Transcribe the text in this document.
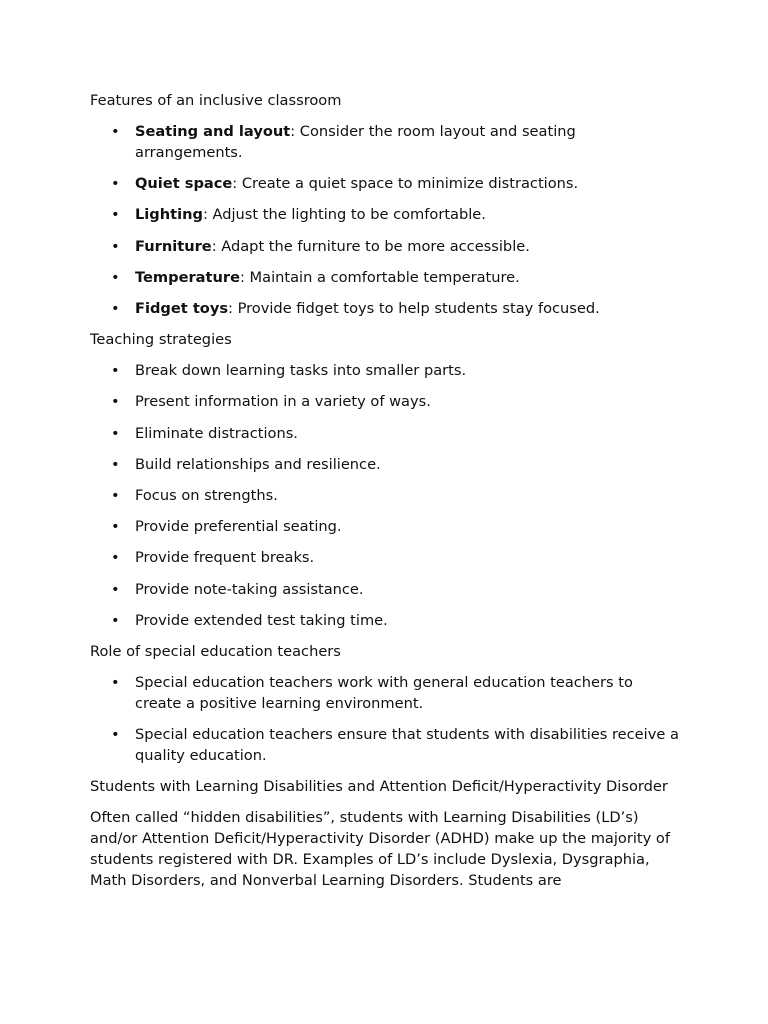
Features of an inclusive classroom
• Seating and layout: Consider the room layout and seating arrangements.
• Quiet space: Create a quiet space to minimize distractions.
• Lighting: Adjust the lighting to be comfortable.
• Furniture: Adapt the furniture to be more accessible.
• Temperature: Maintain a comfortable temperature.
• Fidget toys: Provide fidget toys to help students stay focused.
Teaching strategies
• Break down learning tasks into smaller parts.
• Present information in a variety of ways.
• Eliminate distractions.
• Build relationships and resilience.
• Focus on strengths.
• Provide preferential seating.
• Provide frequent breaks.
• Provide note-taking assistance.
• Provide extended test taking time.
Role of special education teachers
• Special education teachers work with general education teachers to create a positive learning environment.
• Special education teachers ensure that students with disabilities receive a quality education.
Students with Learning Disabilities and Attention Deficit/Hyperactivity Disorder
Often called “hidden disabilities”, students with Learning Disabilities (LD’s) and/or Attention Deficit/Hyperactivity Disorder (ADHD) make up the majority of students registered with DR. Examples of LD’s include Dyslexia, Dysgraphia, Math Disorders, and Nonverbal Learning Disorders. Students are
